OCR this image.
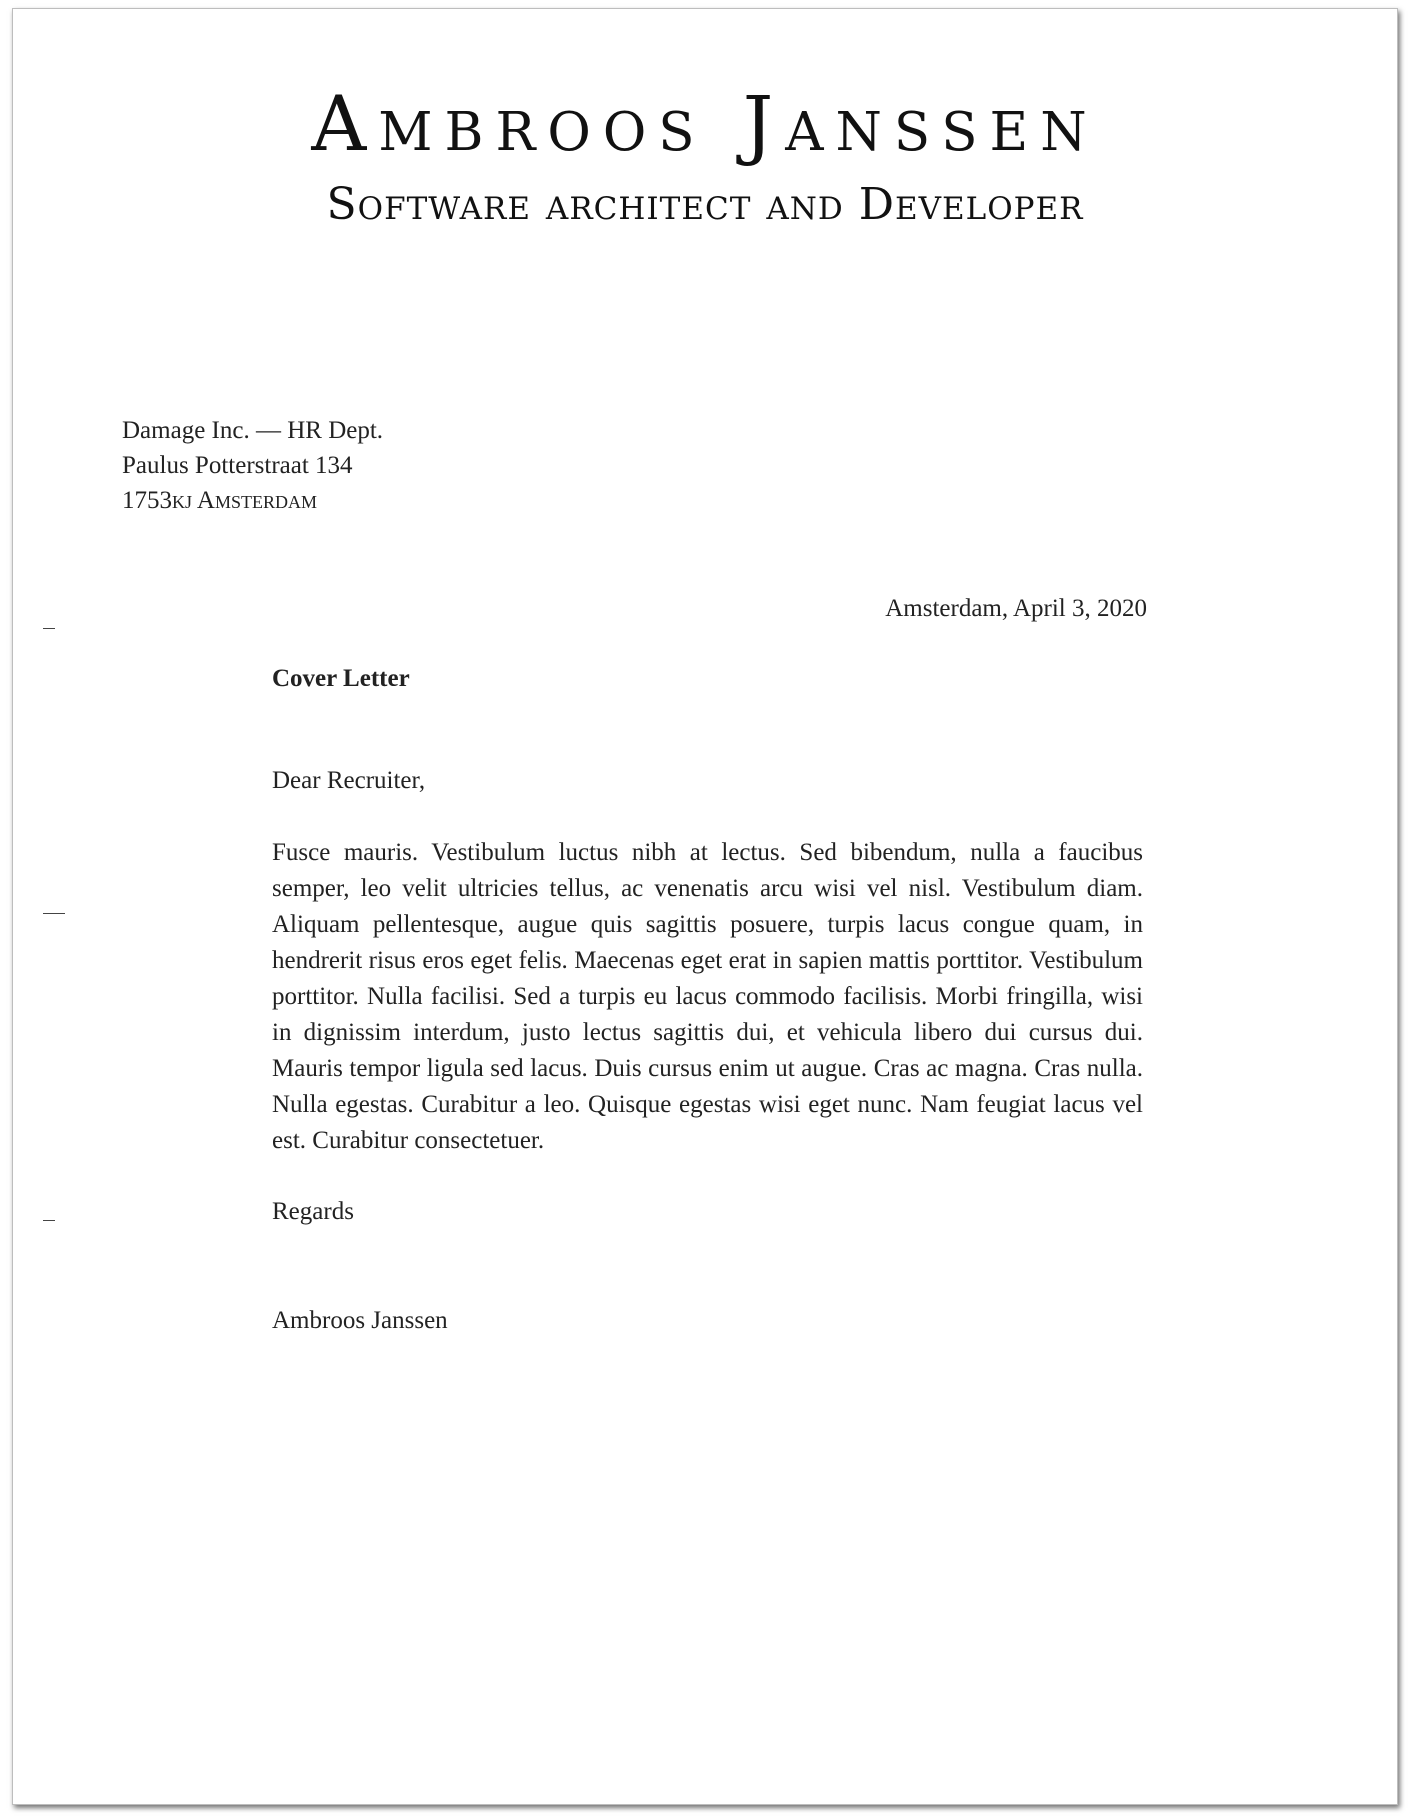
Ambroos Janssen
Software architect and Developer
Damage Inc. — HR Dept.
Paulus Potterstraat 134
1753kj Amsterdam
Amsterdam, April 3, 2020
Cover Letter
Dear Recruiter,
Fusce mauris. Vestibulum luctus nibh at lectus. Sed bibendum, nulla a faucibus semper, leo velit ultricies tellus, ac venenatis arcu wisi vel nisl. Vestibulum diam. Aliquam pellentesque, augue quis sagittis posuere, turpis lacus congue quam, in hendrerit risus eros eget felis. Maecenas eget erat in sapien mattis porttitor. Vestibulum porttitor. Nulla facilisi. Sed a turpis eu lacus commodo facilisis. Morbi fringilla, wisi in dignissim interdum, justo lectus sagittis dui, et vehicula libero dui cursus dui. Mauris tempor ligula sed lacus. Duis cursus enim ut augue. Cras ac magna. Cras nulla. Nulla egestas. Curabitur a leo. Quisque egestas wisi eget nunc. Nam feugiat lacus vel est. Curabitur consectetuer.
Regards
Ambroos Janssen
